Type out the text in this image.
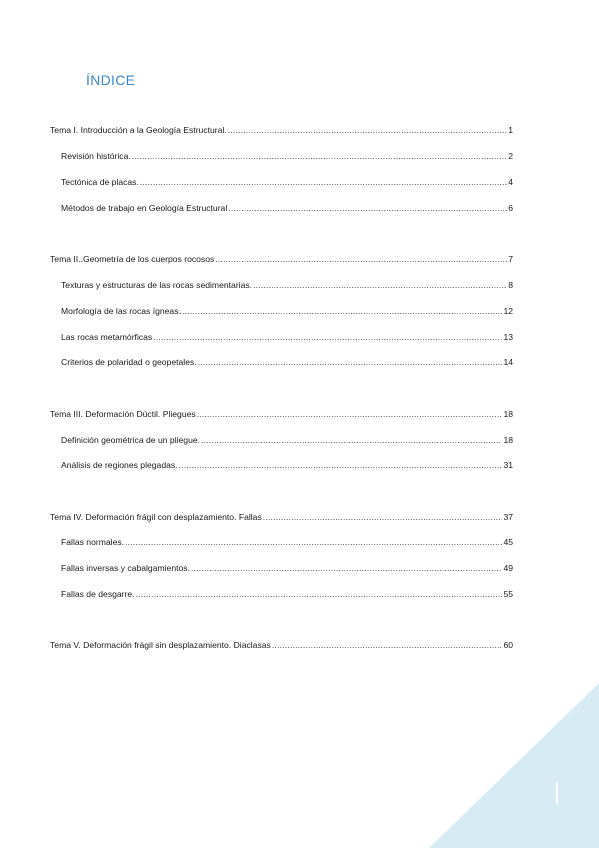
ÍNDICE
Tema I. Introducción a la Geología Estructural. .....	1
Revisión histórica. .....	2
Tectónica de placas. .....	4
Métodos de trabajo en Geología Estructural .....	6
Tema II..Geometría de los cuerpos rocosos .....	7
Texturas y estructuras de las rocas sedimentarias. .....	8
Morfología de las rocas ígneas .....	12
Las rocas metamórficas .....	13
Criterios de polaridad o geopetales. .....	14
Tema III. Deformación Dúctil. Pliegues .....	18
Definición geométrica de un pliegue. .....	18
Análisis de regiones plegadas. .....	31
Tema IV. Deformación frágil con desplazamiento. Fallas .....	37
Fallas normales. .....	45
Fallas inversas y cabalgamientos. .....	49
Fallas de desgarre. .....	55
Tema V. Deformación frágil sin desplazamiento. Diaclasas .....	60
